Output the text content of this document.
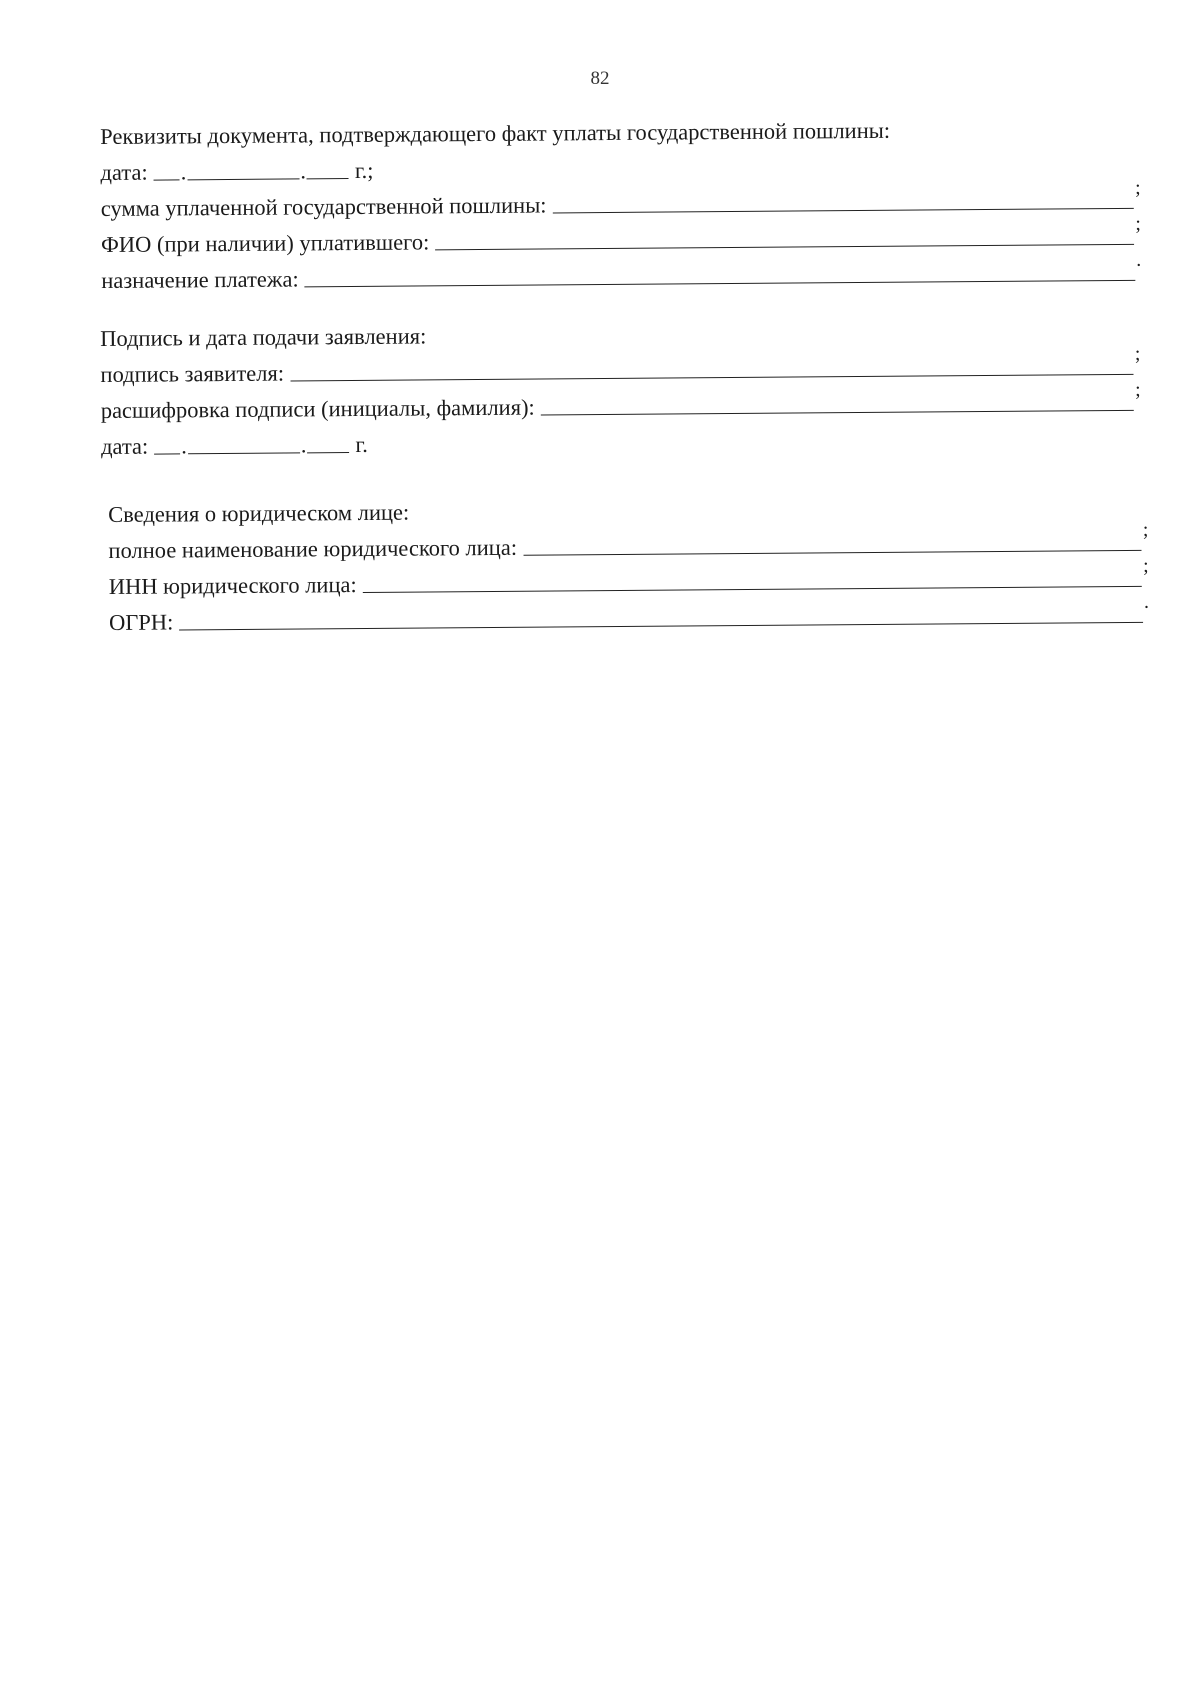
82
Реквизиты документа, подтверждающего факт уплаты государственной пошлины:
дата: .	. г.;
сумма уплаченной государственной пошлины:
;
ФИО (при наличии) уплатившего:
;
назначение платежа:
.
Подпись и дата подачи заявления:
подпись заявителя:
;
расшифровка подписи (инициалы, фамилия):
;
дата: .	. г.
Сведения о юридическом лице:
полное наименование юридического лица:
;
ИНН юридического лица:
;
ОГРН:
.
